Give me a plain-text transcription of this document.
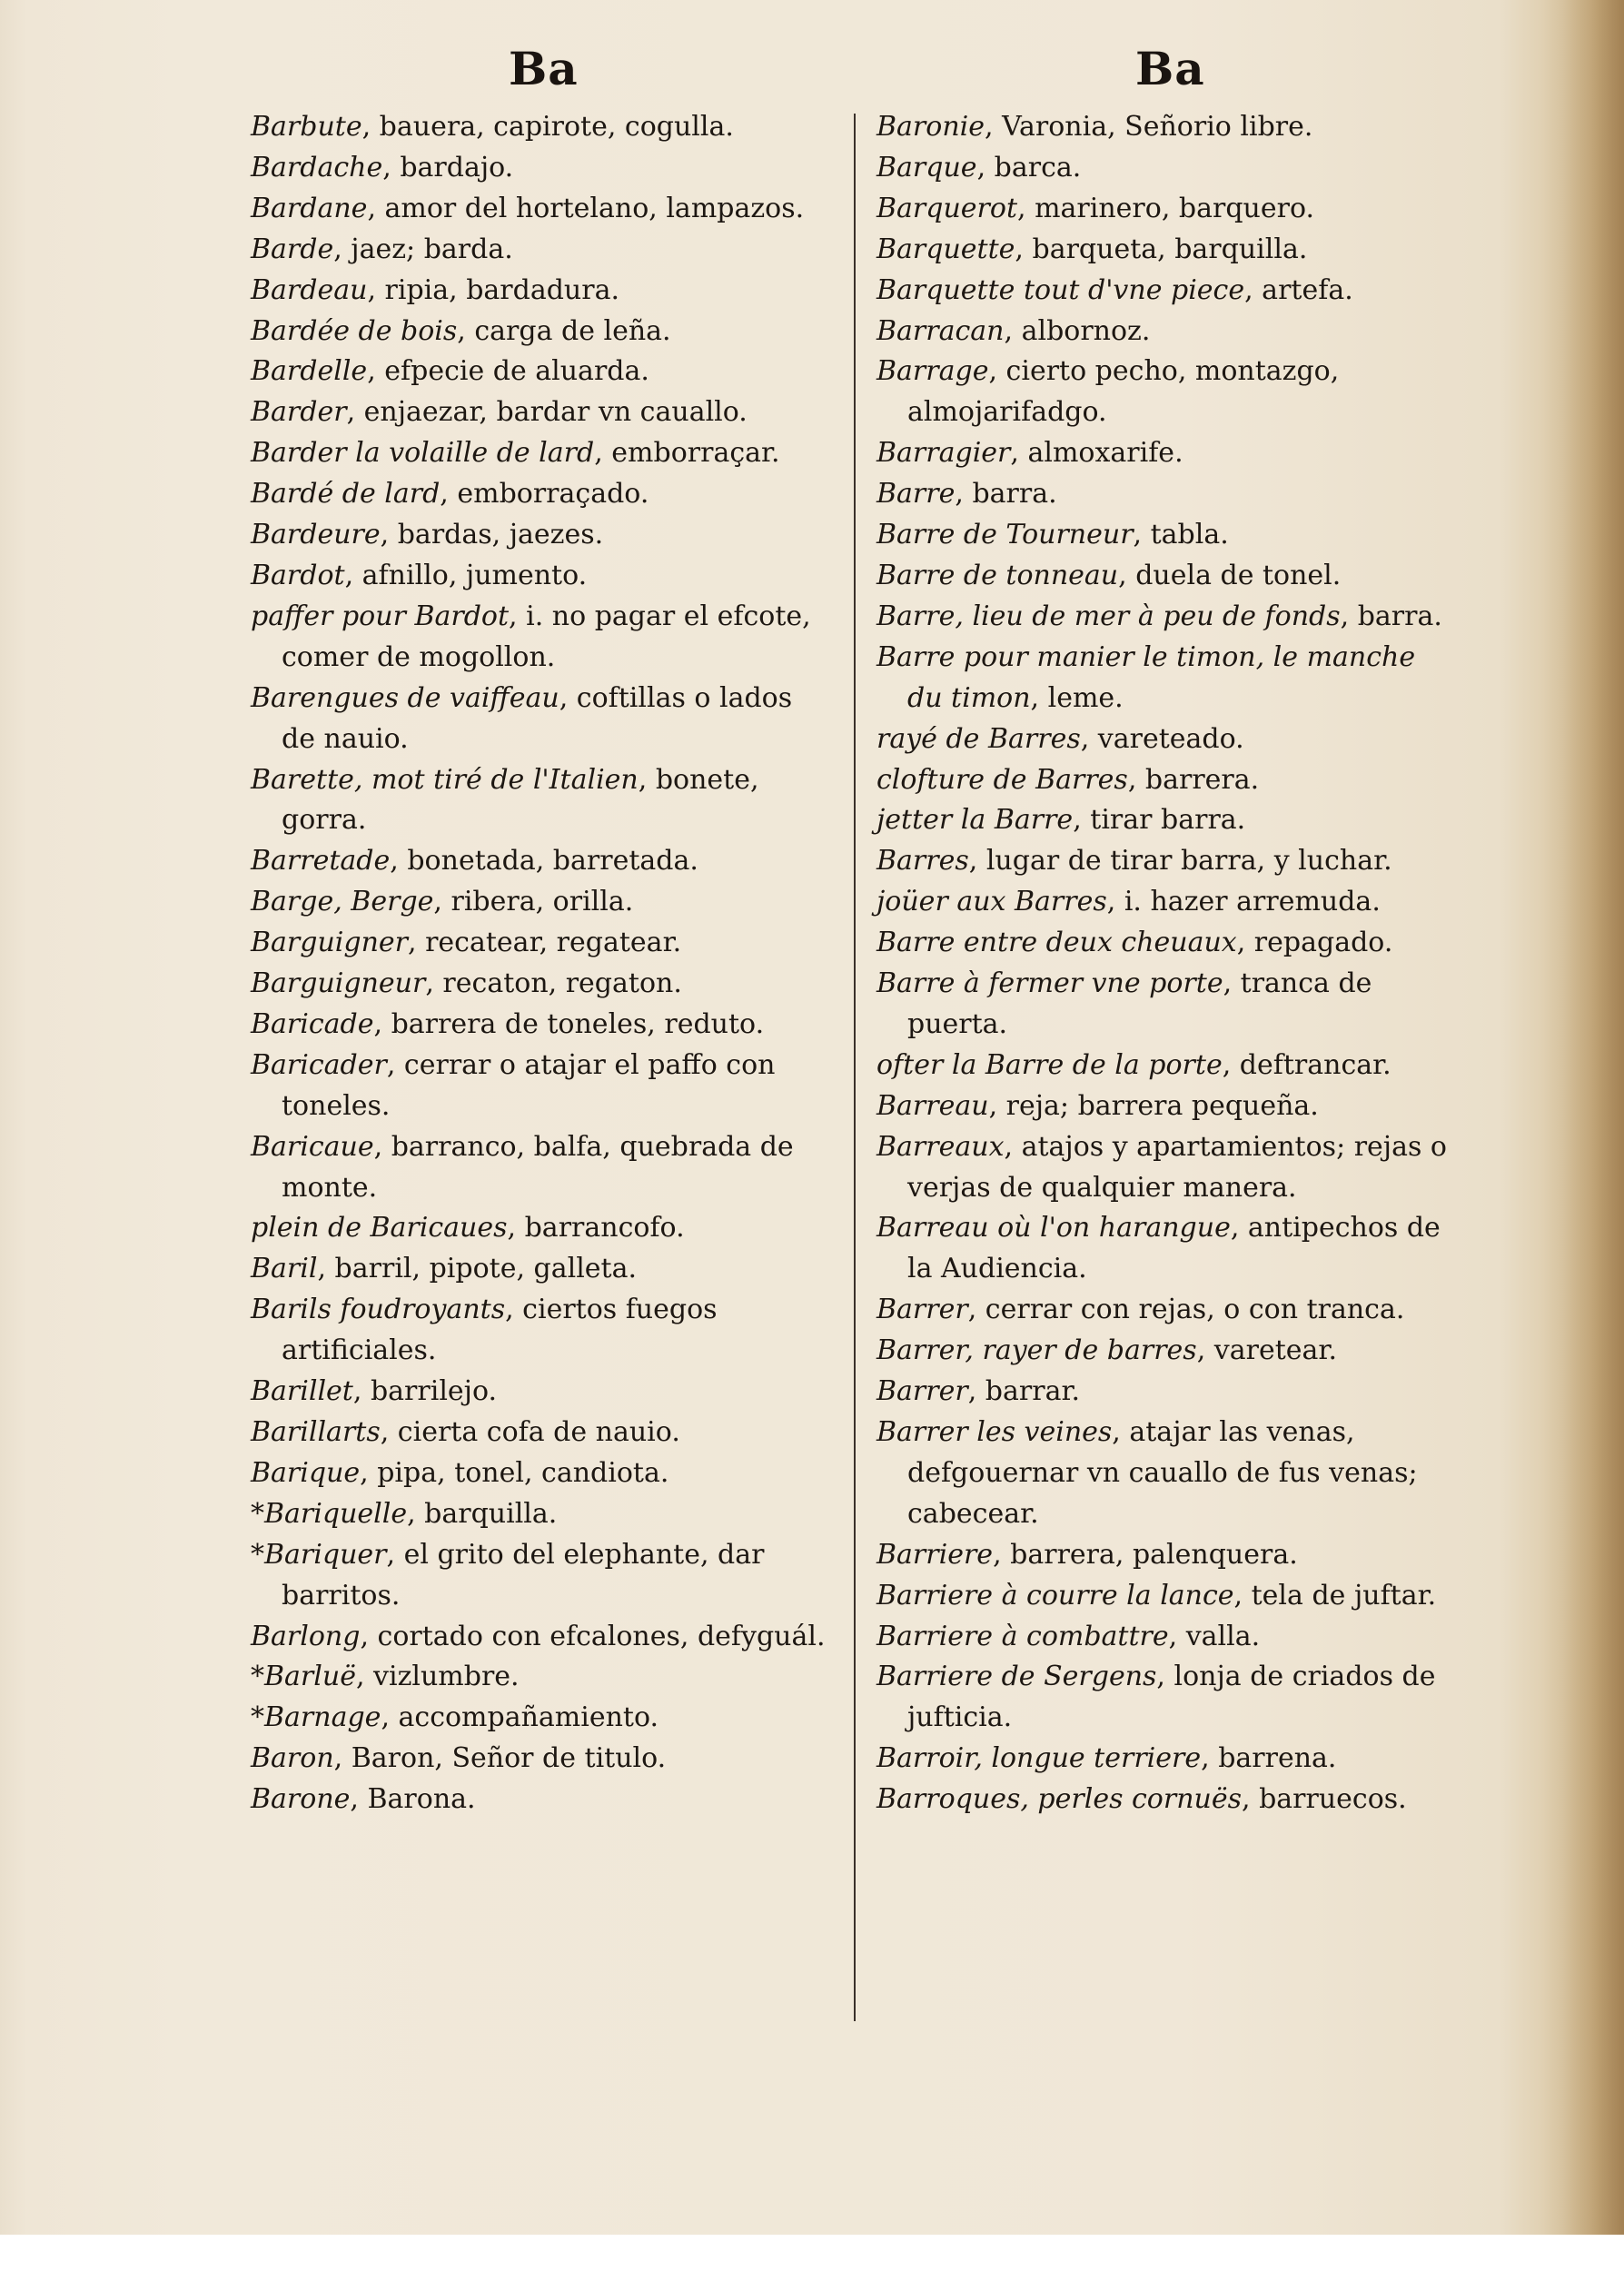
Ba	Ba
Barbute, bauera, capirote, cogulla.
Bardache, bardajo.
Bardane, amor del hortelano, lampazos.
Barde, jaez; barda.
Bardeau, ripia, bardadura.
Bardée de bois, carga de leña.
Bardelle, efpecie de aluarda.
Barder, enjaezar, bardar vn cauallo.
Barder la volaille de lard, emborraçar.
Bardé de lard, emborraçado.
Bardeure, bardas, jaezes.
Bardot, afnillo, jumento.
paffer pour Bardot, i. no pagar el efcote, comer de mogollon.
Barengues de vaiffeau, coftillas o lados de nauio.
Barette, mot tiré de l'Italien, bonete, gorra.
Barretade, bonetada, barretada.
Barge, Berge, ribera, orilla.
Barguigner, recatear, regatear.
Barguigneur, recaton, regaton.
Baricade, barrera de toneles, reduto.
Baricader, cerrar o atajar el paffo con toneles.
Baricaue, barranco, balfa, quebrada de monte.
plein de Baricaues, barrancofo.
Baril, barril, pipote, galleta.
Barils foudroyants, ciertos fuegos artificiales.
Barillet, barrilejo.
Barillarts, cierta cofa de nauio.
Barique, pipa, tonel, candiota.
*Bariquelle, barquilla.
*Bariquer, el grito del elephante, dar barritos.
Barlong, cortado con efcalones, defyguál.
*Barluë, vizlumbre.
*Barnage, accompañamiento.
Baron, Baron, Señor de titulo.
Barone, Barona.
Baronie, Varonia, Señorio libre.
Barque, barca.
Barquerot, marinero, barquero.
Barquette, barqueta, barquilla.
Barquette tout d'vne piece, artefa.
Barracan, albornoz.
Barrage, cierto pecho, montazgo, almojarifadgo.
Barragier, almoxarife.
Barre, barra.
Barre de Tourneur, tabla.
Barre de tonneau, duela de tonel.
Barre, lieu de mer à peu de fonds, barra.
Barre pour manier le timon, le manche du timon, leme.
rayé de Barres, vareteado.
clofture de Barres, barrera.
jetter la Barre, tirar barra.
Barres, lugar de tirar barra, y luchar.
joüer aux Barres, i. hazer arremuda.
Barre entre deux cheuaux, repagado.
Barre à fermer vne porte, tranca de puerta.
ofter la Barre de la porte, deftrancar.
Barreau, reja; barrera pequeña.
Barreaux, atajos y apartamientos; rejas o verjas de qualquier manera.
Barreau où l'on harangue, antipechos de la Audiencia.
Barrer, cerrar con rejas, o con tranca.
Barrer, rayer de barres, varetear.
Barrer, barrar.
Barrer les veines, atajar las venas, defgouernar vn cauallo de fus venas; cabecear.
Barriere, barrera, palenquera.
Barriere à courre la lance, tela de juftar.
Barriere à combattre, valla.
Barriere de Sergens, lonja de criados de jufticia.
Barroir, longue terriere, barrena.
Barroques, perles cornuës, barruecos.
